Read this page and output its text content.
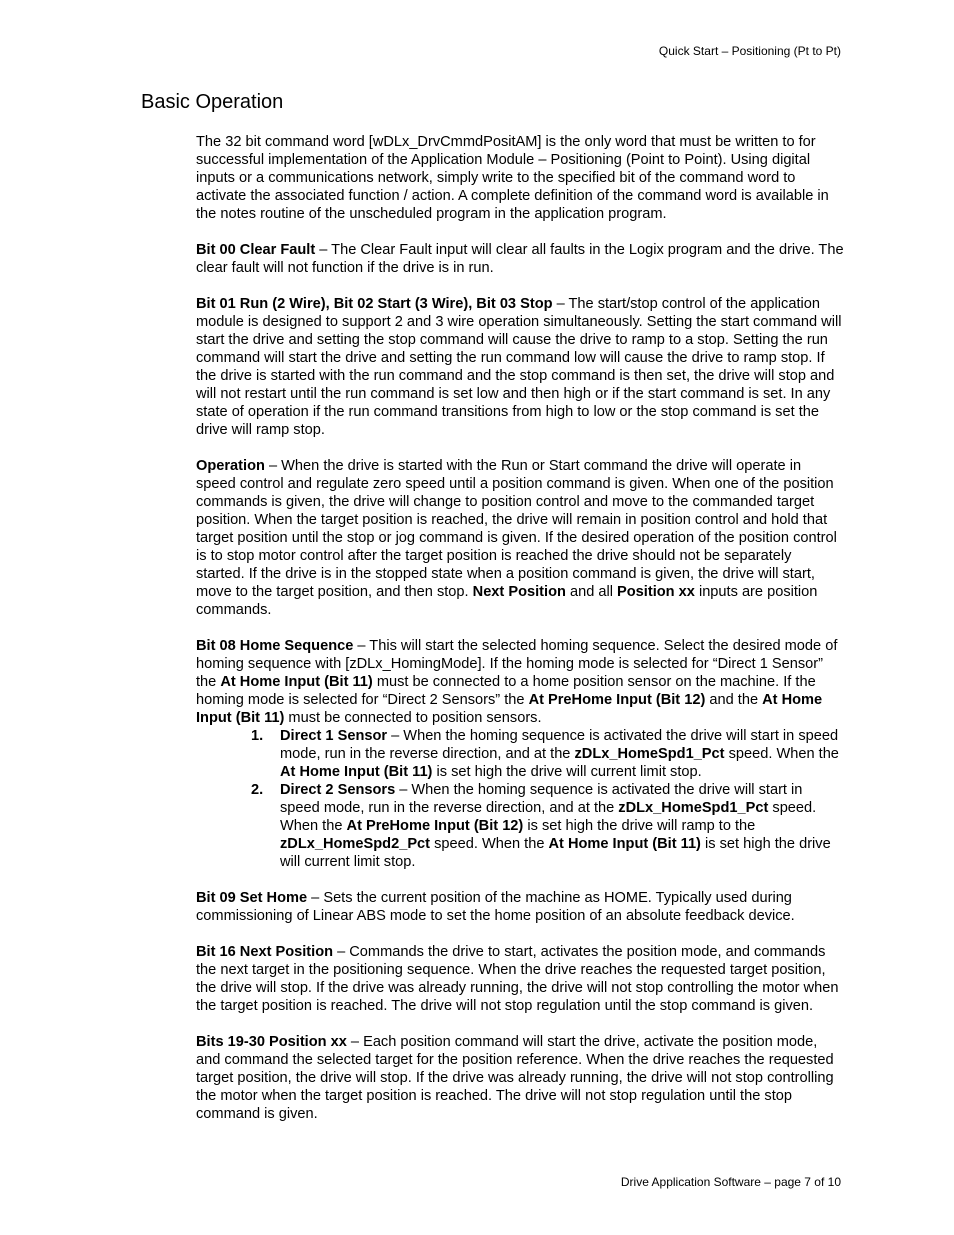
Quick Start – Positioning (Pt to Pt)
Basic Operation

The 32 bit command word [wDLx_DrvCmmdPositAM] is the only word that must be written to for successful implementation of the Application Module – Positioning (Point to Point). Using digital inputs or a communications network, simply write to the specified bit of the command word to activate the associated function / action. A complete definition of the command word is available in the notes routine of the unscheduled program in the application program.

Bit 00 Clear Fault – The Clear Fault input will clear all faults in the Logix program and the drive. The clear fault will not function if the drive is in run.

Bit 01 Run (2 Wire), Bit 02 Start (3 Wire), Bit 03 Stop – The start/stop control of the application module is designed to support 2 and 3 wire operation simultaneously. Setting the start command will start the drive and setting the stop command will cause the drive to ramp to a stop. Setting the run command will start the drive and setting the run command low will cause the drive to ramp stop. If the drive is started with the run command and the stop command is then set, the drive will stop and will not restart until the run command is set low and then high or if the start command is set. In any state of operation if the run command transitions from high to low or the stop command is set the drive will ramp stop.

Operation – When the drive is started with the Run or Start command the drive will operate in speed control and regulate zero speed until a position command is given. When one of the position commands is given, the drive will change to position control and move to the commanded target position. When the target position is reached, the drive will remain in position control and hold that target position until the stop or jog command is given. If the desired operation of the position control is to stop motor control after the target position is reached the drive should not be separately started. If the drive is in the stopped state when a position command is given, the drive will start, move to the target position, and then stop. Next Position and all Position xx inputs are position commands.

Bit 08 Home Sequence – This will start the selected homing sequence. Select the desired mode of homing sequence with [zDLx_HomingMode]. If the homing mode is selected for “Direct 1 Sensor” the At Home Input (Bit 11) must be connected to a home position sensor on the machine. If the homing mode is selected for “Direct 2 Sensors” the At PreHome Input (Bit 12) and the At Home Input (Bit 11) must be connected to position sensors.

1. Direct 1 Sensor – When the homing sequence is activated the drive will start in speed mode, run in the reverse direction, and at the zDLx_HomeSpd1_Pct speed. When the At Home Input (Bit 11) is set high the drive will current limit stop.
2. Direct 2 Sensors – When the homing sequence is activated the drive will start in speed mode, run in the reverse direction, and at the zDLx_HomeSpd1_Pct speed. When the At PreHome Input (Bit 12) is set high the drive will ramp to the zDLx_HomeSpd2_Pct speed. When the At Home Input (Bit 11) is set high the drive will current limit stop.

Bit 09 Set Home – Sets the current position of the machine as HOME. Typically used during commissioning of Linear ABS mode to set the home position of an absolute feedback device.

Bit 16 Next Position – Commands the drive to start, activates the position mode, and commands the next target in the positioning sequence. When the drive reaches the requested target position, the drive will stop. If the drive was already running, the drive will not stop controlling the motor when the target position is reached. The drive will not stop regulation until the stop command is given.

Bits 19-30 Position xx – Each position command will start the drive, activate the position mode, and command the selected target for the position reference. When the drive reaches the requested target position, the drive will stop. If the drive was already running, the drive will not stop controlling the motor when the target position is reached. The drive will not stop regulation until the stop command is given.

Drive Application Software – page 7 of 10
